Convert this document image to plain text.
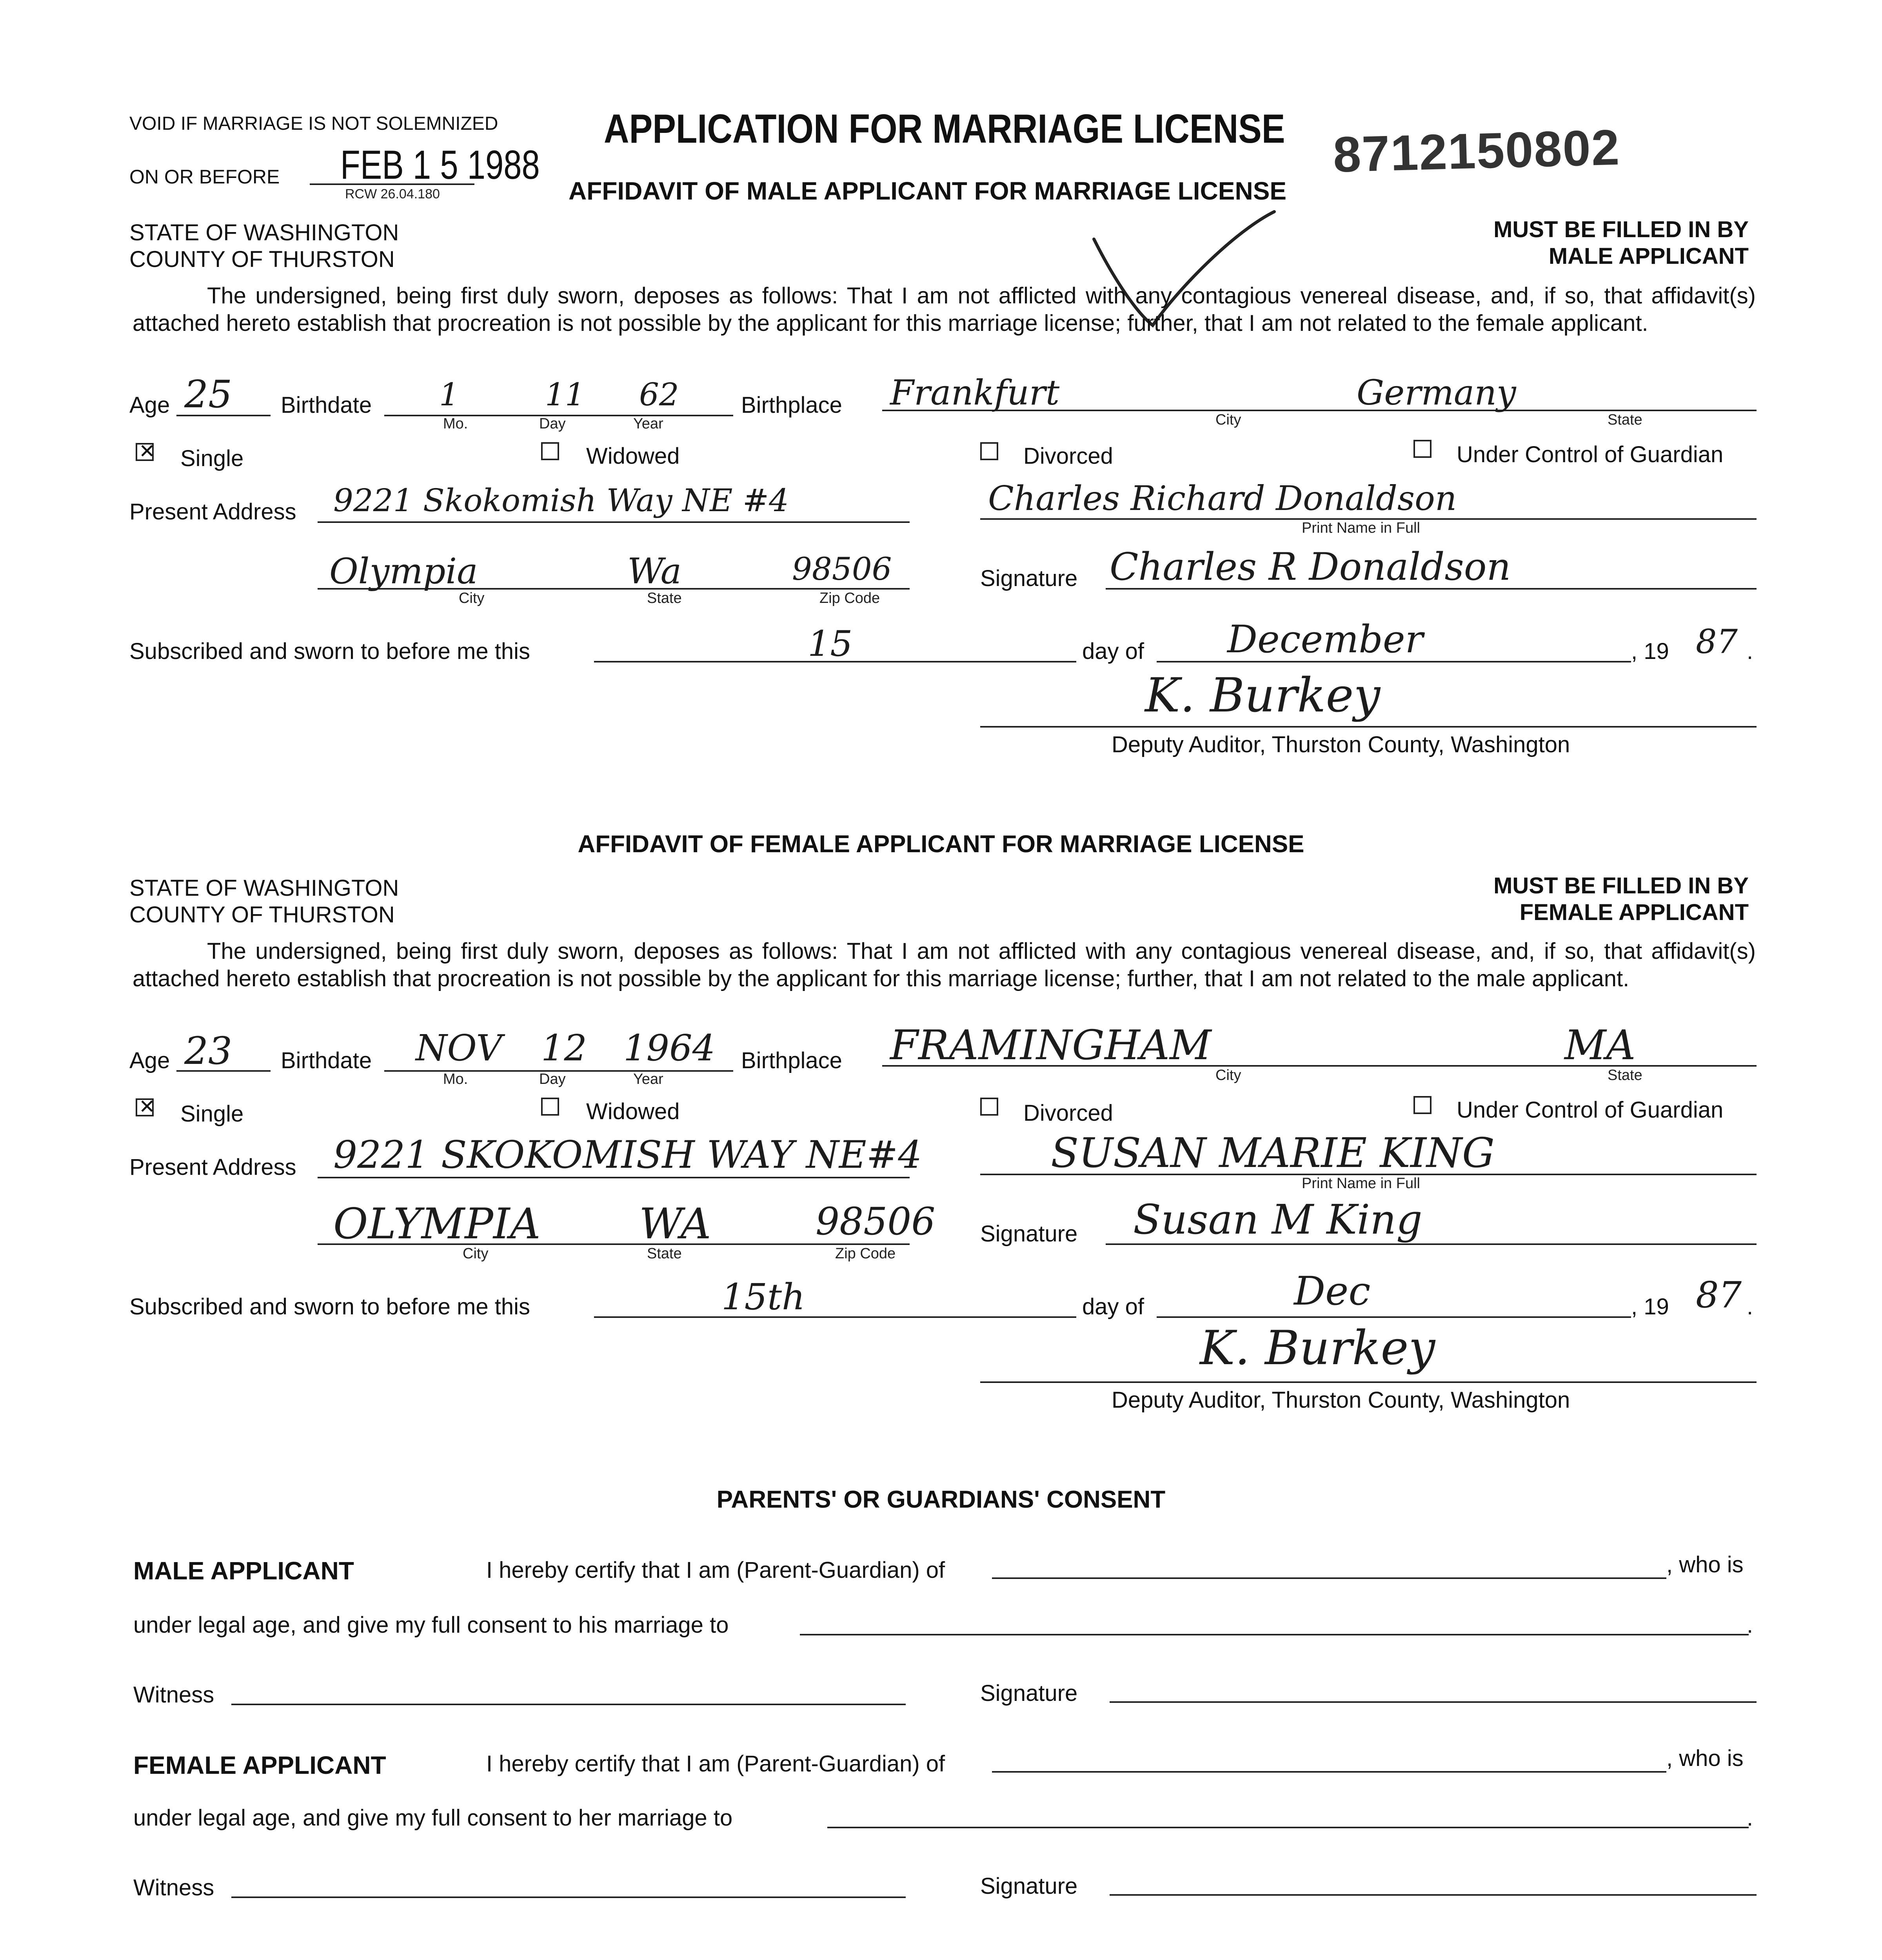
VOID IF MARRIAGE IS NOT SOLEMNIZED
ON OR BEFORE FEB 1 5 1988
RCW 26.04.180
APPLICATION FOR MARRIAGE LICENSE 8712150802
AFFIDAVIT OF MALE APPLICANT FOR MARRIAGE LICENSE
STATE OF WASHINGTON
COUNTY OF THURSTON
MUST BE FILLED IN BY
MALE APPLICANT
The undersigned, being first duly sworn, deposes as follows: That I am not afflicted with any contagious venereal disease, and, if so, that affidavit(s) attached hereto establish that procreation is not possible by the applicant for this marriage license; further, that I am not related to the female applicant.
Age 25 Birthdate 1	11 62
Mo.	Day	Year
Birthplace Frankfurt	Germany
City	State
✕ Single	Widowed	Divorced	Under Control of Guardian
Present Address 9221 Skokomish Way NE #4	Charles Richard Donaldson
Print Name in Full
Olympia	Wa	98506
City	State	Zip Code
Signature Charles R Donaldson
Subscribed and sworn to before me this	15	day of December	, 19 87 .
K. Burkey
Deputy Auditor, Thurston County, Washington
AFFIDAVIT OF FEMALE APPLICANT FOR MARRIAGE LICENSE
STATE OF WASHINGTON
COUNTY OF THURSTON
MUST BE FILLED IN BY
FEMALE APPLICANT
The undersigned, being first duly sworn, deposes as follows: That I am not afflicted with any contagious venereal disease, and, if so, that affidavit(s) attached hereto establish that procreation is not possible by the applicant for this marriage license; further, that I am not related to the male applicant.
Age 23 Birthdate NOV 12 1964
Mo.	Day	Year
Birthplace FRAMINGHAM	MA
City	State
✕ Single	Widowed	Divorced	Under Control of Guardian
Present Address 9221 SKOKOMISH WAY NE#4	SUSAN MARIE KING
Print Name in Full
OLYMPIA WA	98506
City	State	Zip Code
Signature Susan M King
Subscribed and sworn to before me this	15th	day of	Dec	, 19 87 .
K. Burkey
Deputy Auditor, Thurston County, Washington
PARENTS' OR GUARDIANS' CONSENT
MALE APPLICANT	I hereby certify that I am (Parent-Guardian) of	, who is
under legal age, and give my full consent to his marriage to	.
Witness	Signature
FEMALE APPLICANT	I hereby certify that I am (Parent-Guardian) of	, who is
under legal age, and give my full consent to her marriage to	.
Witness	Signature
